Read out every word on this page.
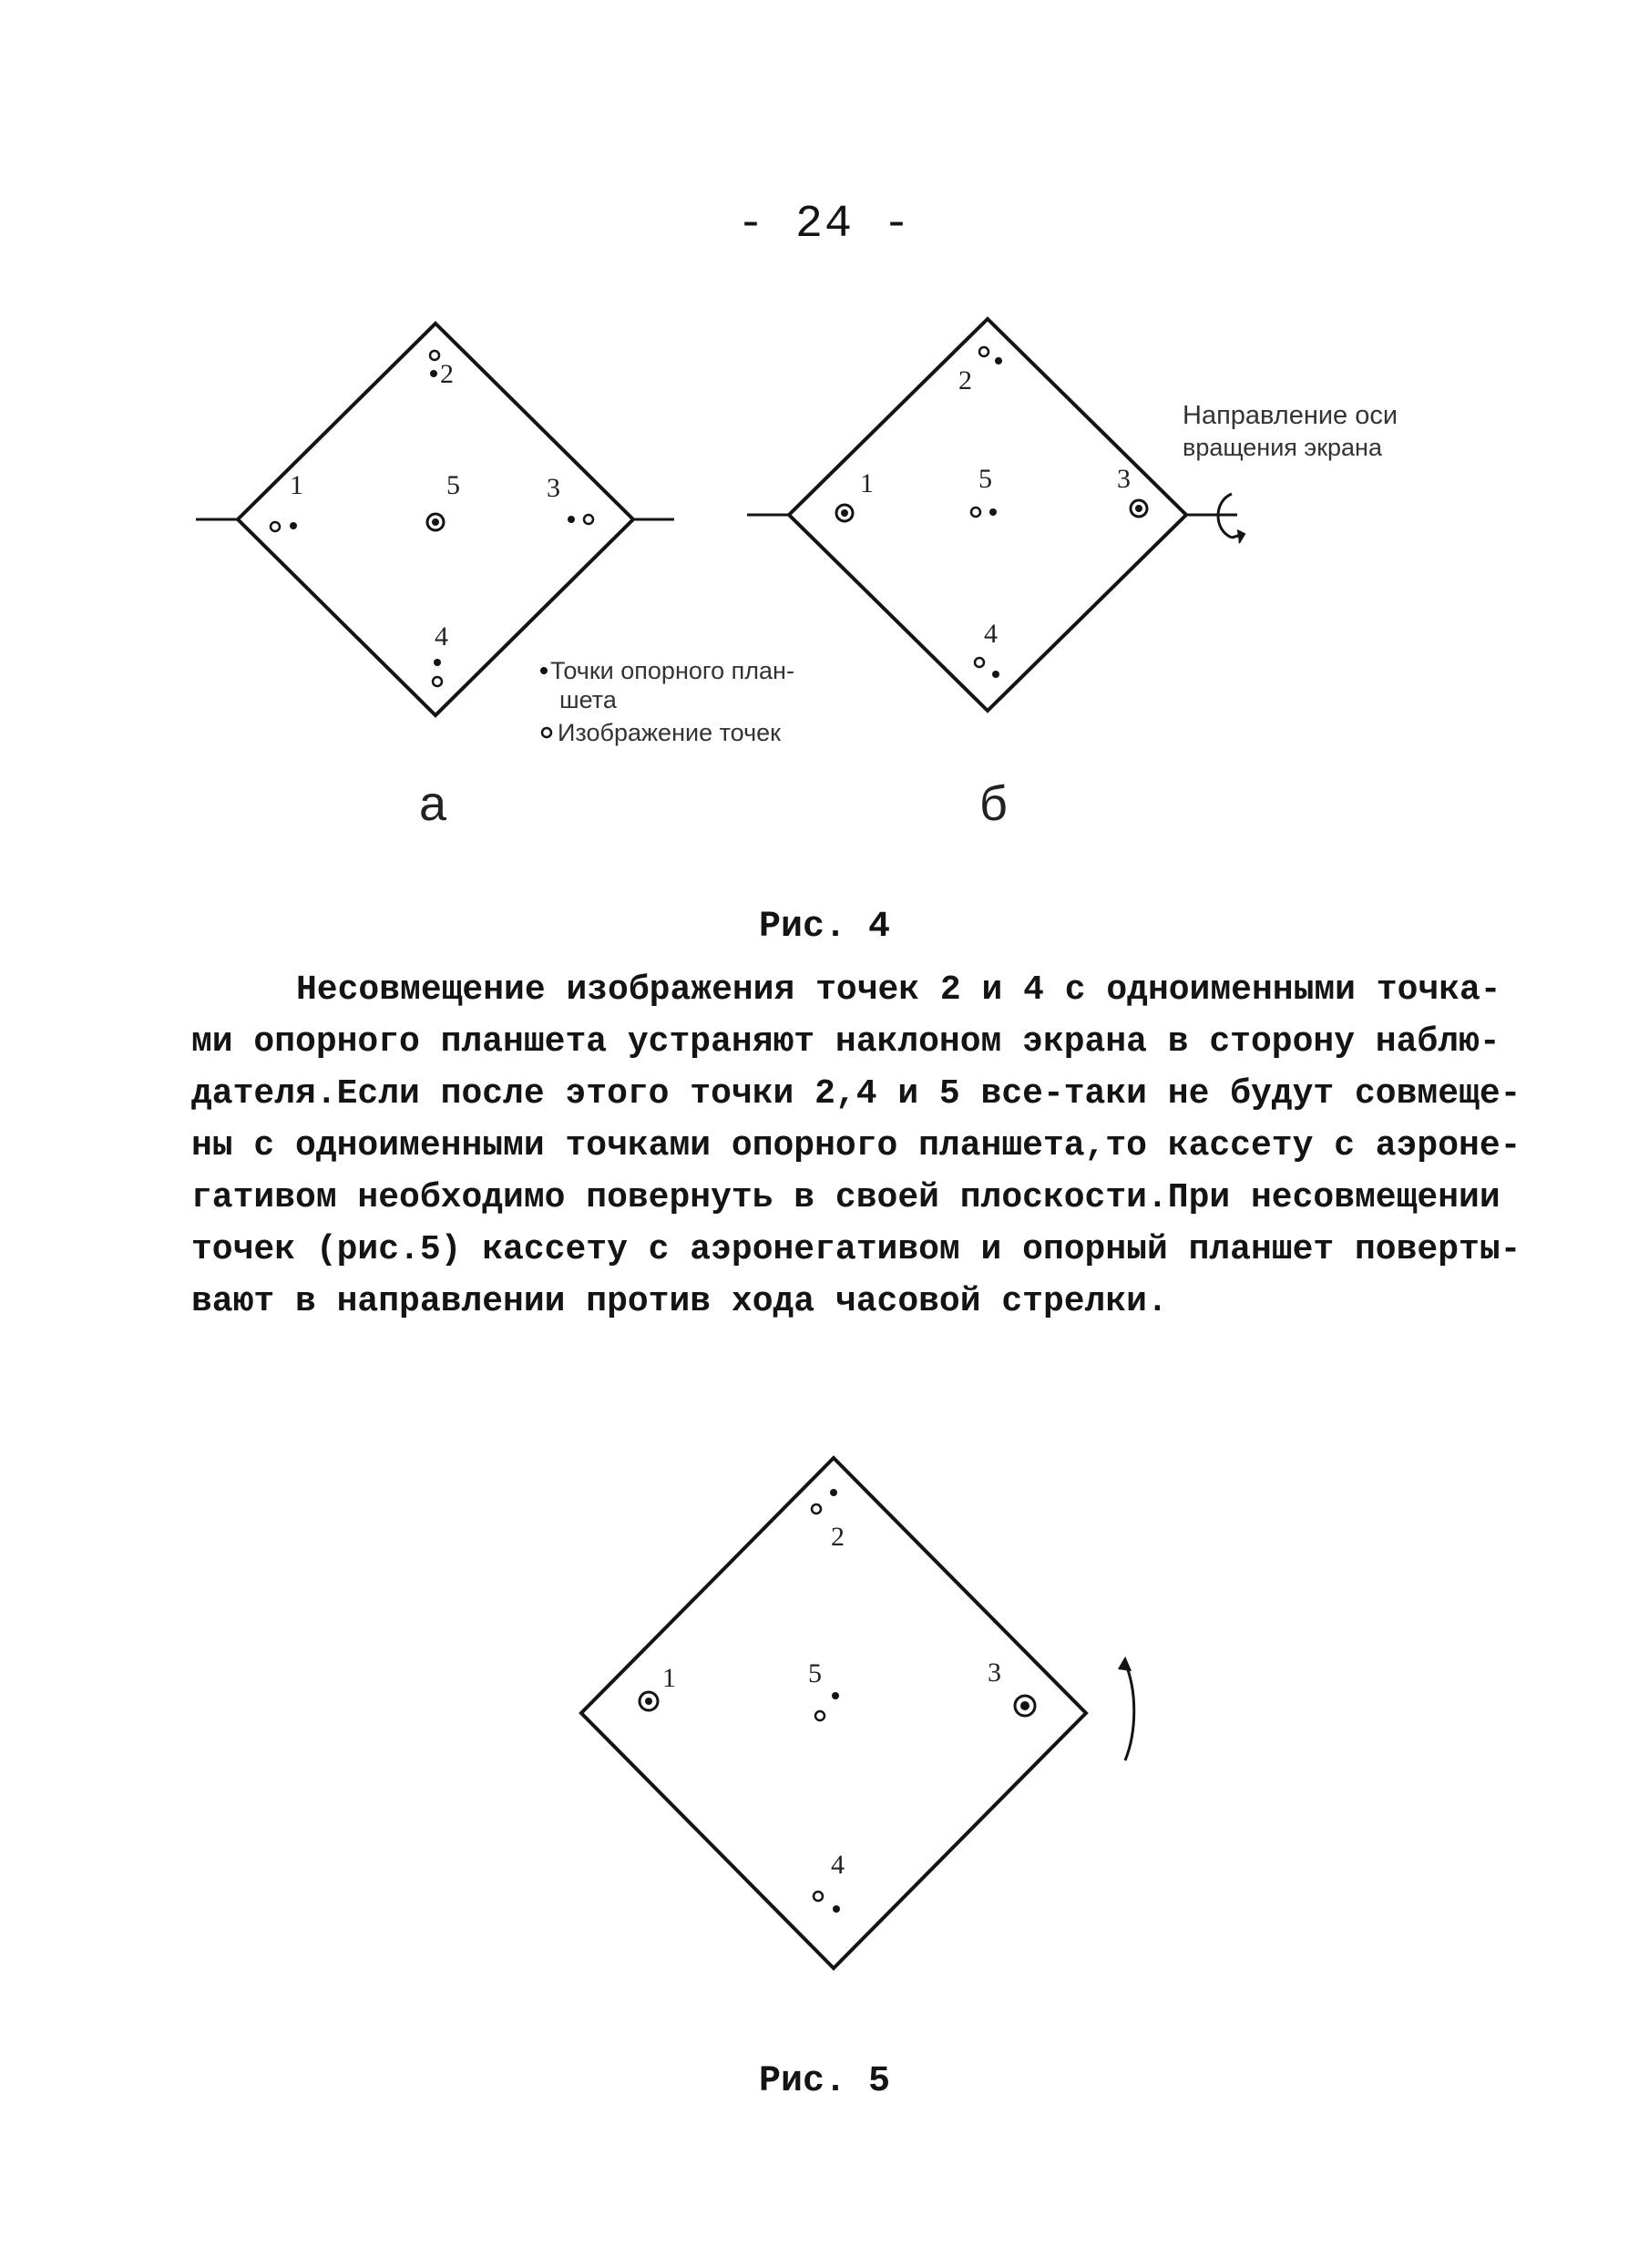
- 24 -
2
1	5	3
4
Точки опорного план-
шета
Изображение точек
а
2
1	5	3
4
Направление оси
вращения экрана
б
Рис. 4
Несовмещение изображения точек 2 и 4 с одноименными точка-
ми опорного планшета устраняют наклоном экрана в сторону наблю-
дателя.Если после этого точки 2,4 и 5 все-таки не будут совмеще-
ны с одноименными точками опорного планшета,то кассету с аэроне-
гативом необходимо повернуть в своей плоскости.При несовмещении
точек (рис.5) кассету с аэронегативом и опорный планшет поверты-
вают в направлении против хода часовой стрелки.
2
1	5	3
4
Рис. 5
